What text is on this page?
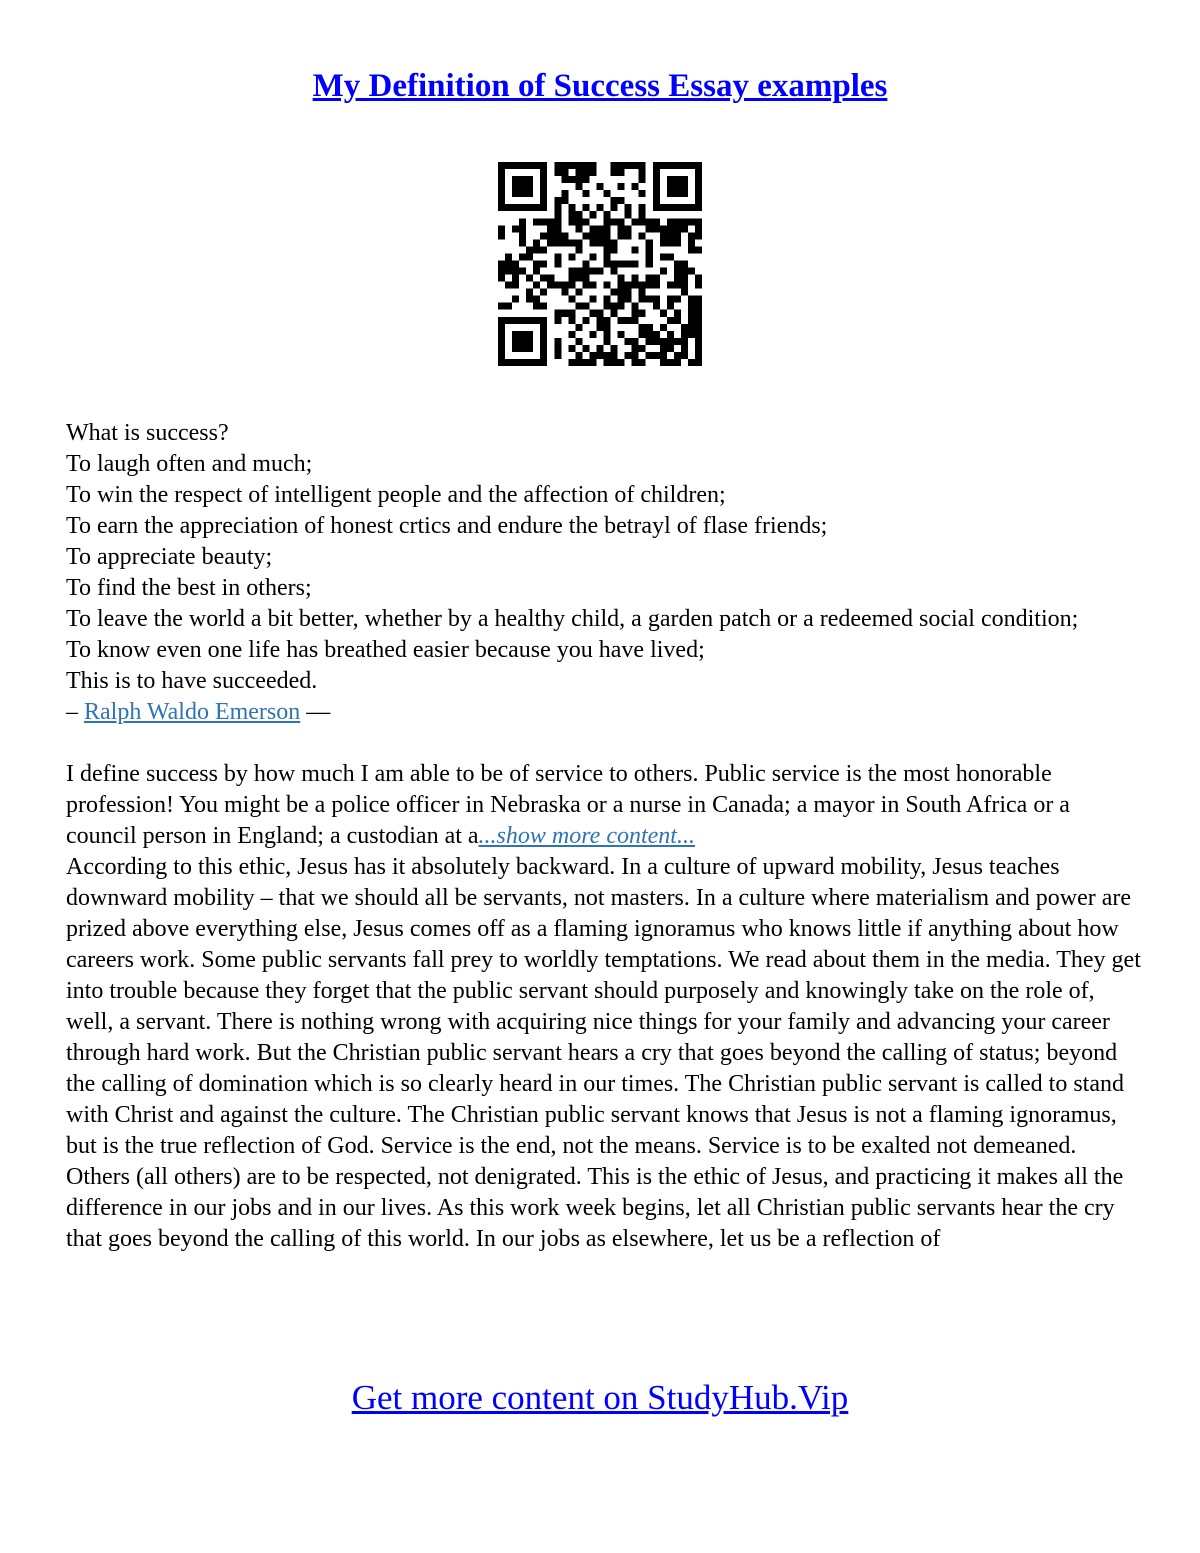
My Definition of Success Essay examples

What is success?

To laugh often and much;

To win the respect of intelligent people and the affection of children;

To earn the appreciation of honest crtics and endure the betrayl of flase friends;

To appreciate beauty;

To find the best in others;

To leave the world a bit better, whether by a healthy child, a garden patch or a redeemed social condition;

To know even one life has breathed easier because you have lived;

This is to have succeeded.

– Ralph Waldo Emerson —

I define success by how much I am able to be of service to others. Public service is the most honorable profession! You might be a police officer in Nebraska or a nurse in Canada; a mayor in South Africa or a council person in England; a custodian at a...show more content...

According to this ethic, Jesus has it absolutely backward. In a culture of upward mobility, Jesus teaches downward mobility – that we should all be servants, not masters. In a culture where materialism and power are prized above everything else, Jesus comes off as a flaming ignoramus who knows little if anything about how careers work. Some public servants fall prey to worldly temptations. We read about them in the media. They get into trouble because they forget that the public servant should purposely and knowingly take on the role of, well, a servant. There is nothing wrong with acquiring nice things for your family and advancing your career through hard work. But the Christian public servant hears a cry that goes beyond the calling of status; beyond the calling of domination which is so clearly heard in our times. The Christian public servant is called to stand with Christ and against the culture. The Christian public servant knows that Jesus is not a flaming ignoramus, but is the true reflection of God. Service is the end, not the means. Service is to be exalted not demeaned. Others (all others) are to be respected, not denigrated. This is the ethic of Jesus, and practicing it makes all the difference in our jobs and in our lives. As this work week begins, let all Christian public servants hear the cry that goes beyond the calling of this world. In our jobs as elsewhere, let us be a reflection of

Get more content on StudyHub.Vip
